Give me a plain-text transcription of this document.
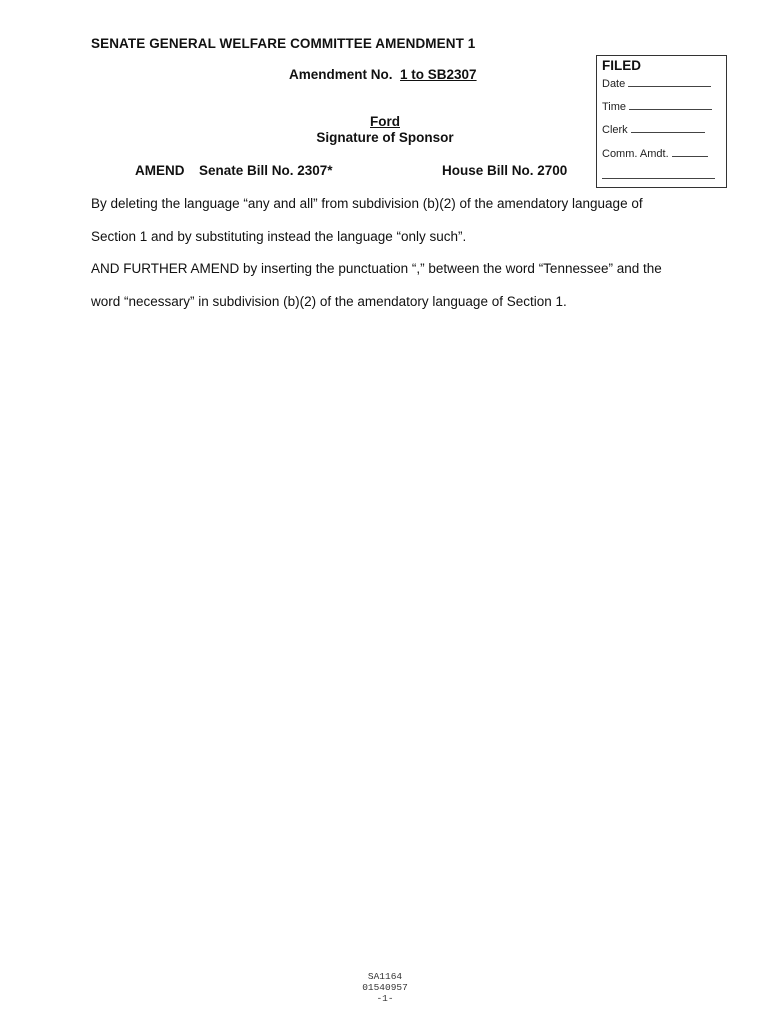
SENATE GENERAL WELFARE COMMITTEE AMENDMENT 1
Amendment No. 1 to SB2307
Ford
Signature of Sponsor
AMEND Senate Bill No. 2307*	House Bill No. 2700
FILED
Date
Time
Clerk
Comm. Amdt.
By deleting the language “any and all” from subdivision (b)(2) of the amendatory language of
Section 1 and by substituting instead the language “only such”.
AND FURTHER AMEND by inserting the punctuation “,” between the word “Tennessee” and the
word “necessary” in subdivision (b)(2) of the amendatory language of Section 1.
SA1164
01540957
-1-
